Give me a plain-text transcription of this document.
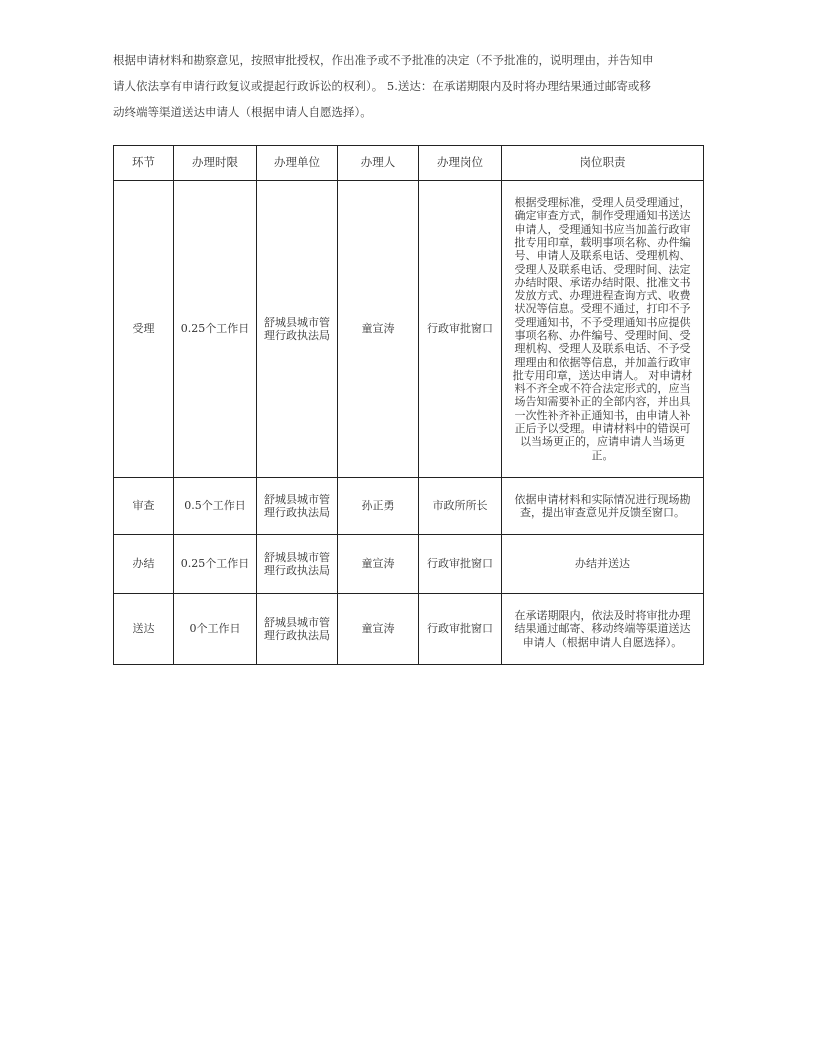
根据申请材料和勘察意见，按照审批授权，作出准予或不予批准的决定（不予批准的，说明理由，并告知申

请人依法享有申请行政复议或提起行政诉讼的权利）。 5.送达：在承诺期限内及时将办理结果通过邮寄或移

动终端等渠道送达申请人（根据申请人自愿选择）。

环节	办理时限	办理单位	办理人	办理岗位	岗位职责
受理	0.25个工作日	舒城县城市管理行政执法局	童宣涛	行政审批窗口	根据受理标准，受理人员受理通过，确定审查方式，制作受理通知书送达申请人，受理通知书应当加盖行政审批专用印章，载明事项名称、办件编号、申请人及联系电话、受理机构、受理人及联系电话、受理时间、法定办结时限、承诺办结时限、批准文书发放方式、办理进程查询方式、收费状况等信息。受理不通过，打印不予受理通知书，不予受理通知书应提供事项名称、办件编号、受理时间、受理机构、受理人及联系电话、不予受理理由和依据等信息，并加盖行政审批专用印章，送达申请人。 对申请材料不齐全或不符合法定形式的，应当场告知需要补正的全部内容，并出具一次性补齐补正通知书，由申请人补正后予以受理。申请材料中的错误可以当场更正的，应请申请人当场更正。
审查	0.5个工作日	舒城县城市管理行政执法局	孙正勇	市政所所长	依据申请材料和实际情况进行现场勘查，提出审查意见并反馈至窗口。
办结	0.25个工作日	舒城县城市管理行政执法局	童宣涛	行政审批窗口	办结并送达
送达	0个工作日	舒城县城市管理行政执法局	童宣涛	行政审批窗口	在承诺期限内，依法及时将审批办理结果通过邮寄、移动终端等渠道送达申请人（根据申请人自愿选择）。
